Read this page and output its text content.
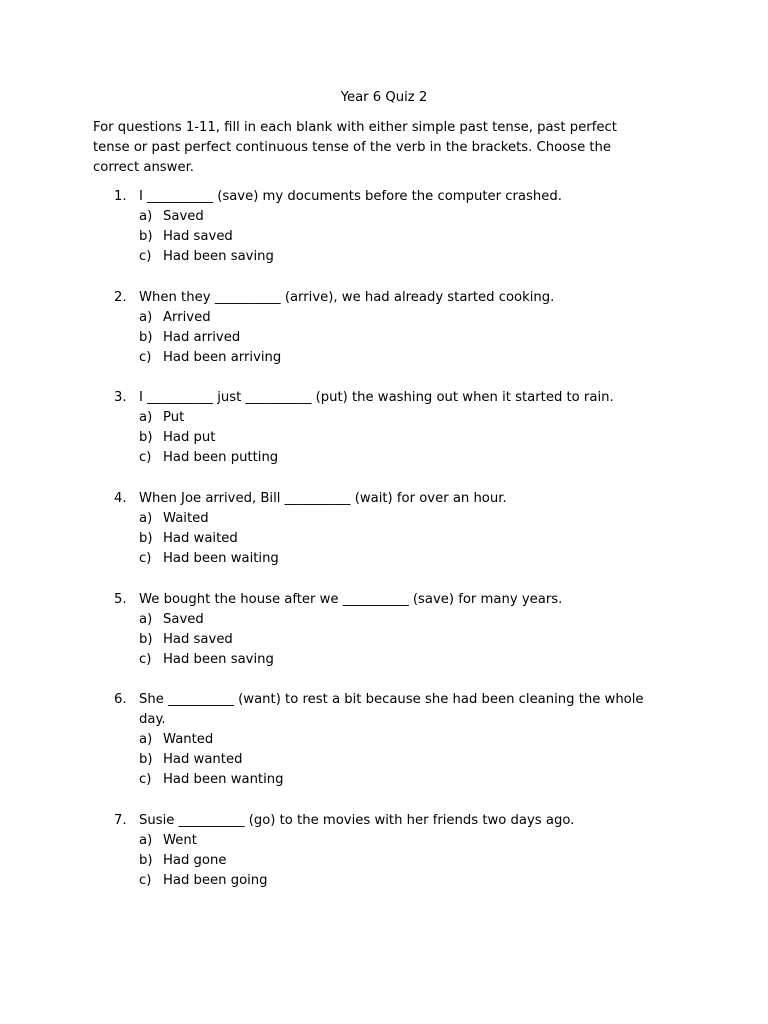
Year 6 Quiz 2

For questions 1-11, fill in each blank with either simple past tense, past perfect tense or past perfect continuous tense of the verb in the brackets. Choose the correct answer.

1. I __________ (save) my documents before the computer crashed.

a) Saved
b) Had saved
c) Had been saving
2. When they __________ (arrive), we had already started cooking.

a) Arrived
b) Had arrived
c) Had been arriving
3. I __________ just __________ (put) the washing out when it started to rain.

a) Put
b) Had put
c) Had been putting
4. When Joe arrived, Bill __________ (wait) for over an hour.

a) Waited
b) Had waited
c) Had been waiting
5. We bought the house after we __________ (save) for many years.

a) Saved
b) Had saved
c) Had been saving
6. She __________ (want) to rest a bit because she had been cleaning the whole day.

a) Wanted
b) Had wanted
c) Had been wanting
7. Susie __________ (go) to the movies with her friends two days ago.

a) Went
b) Had gone
c) Had been going
